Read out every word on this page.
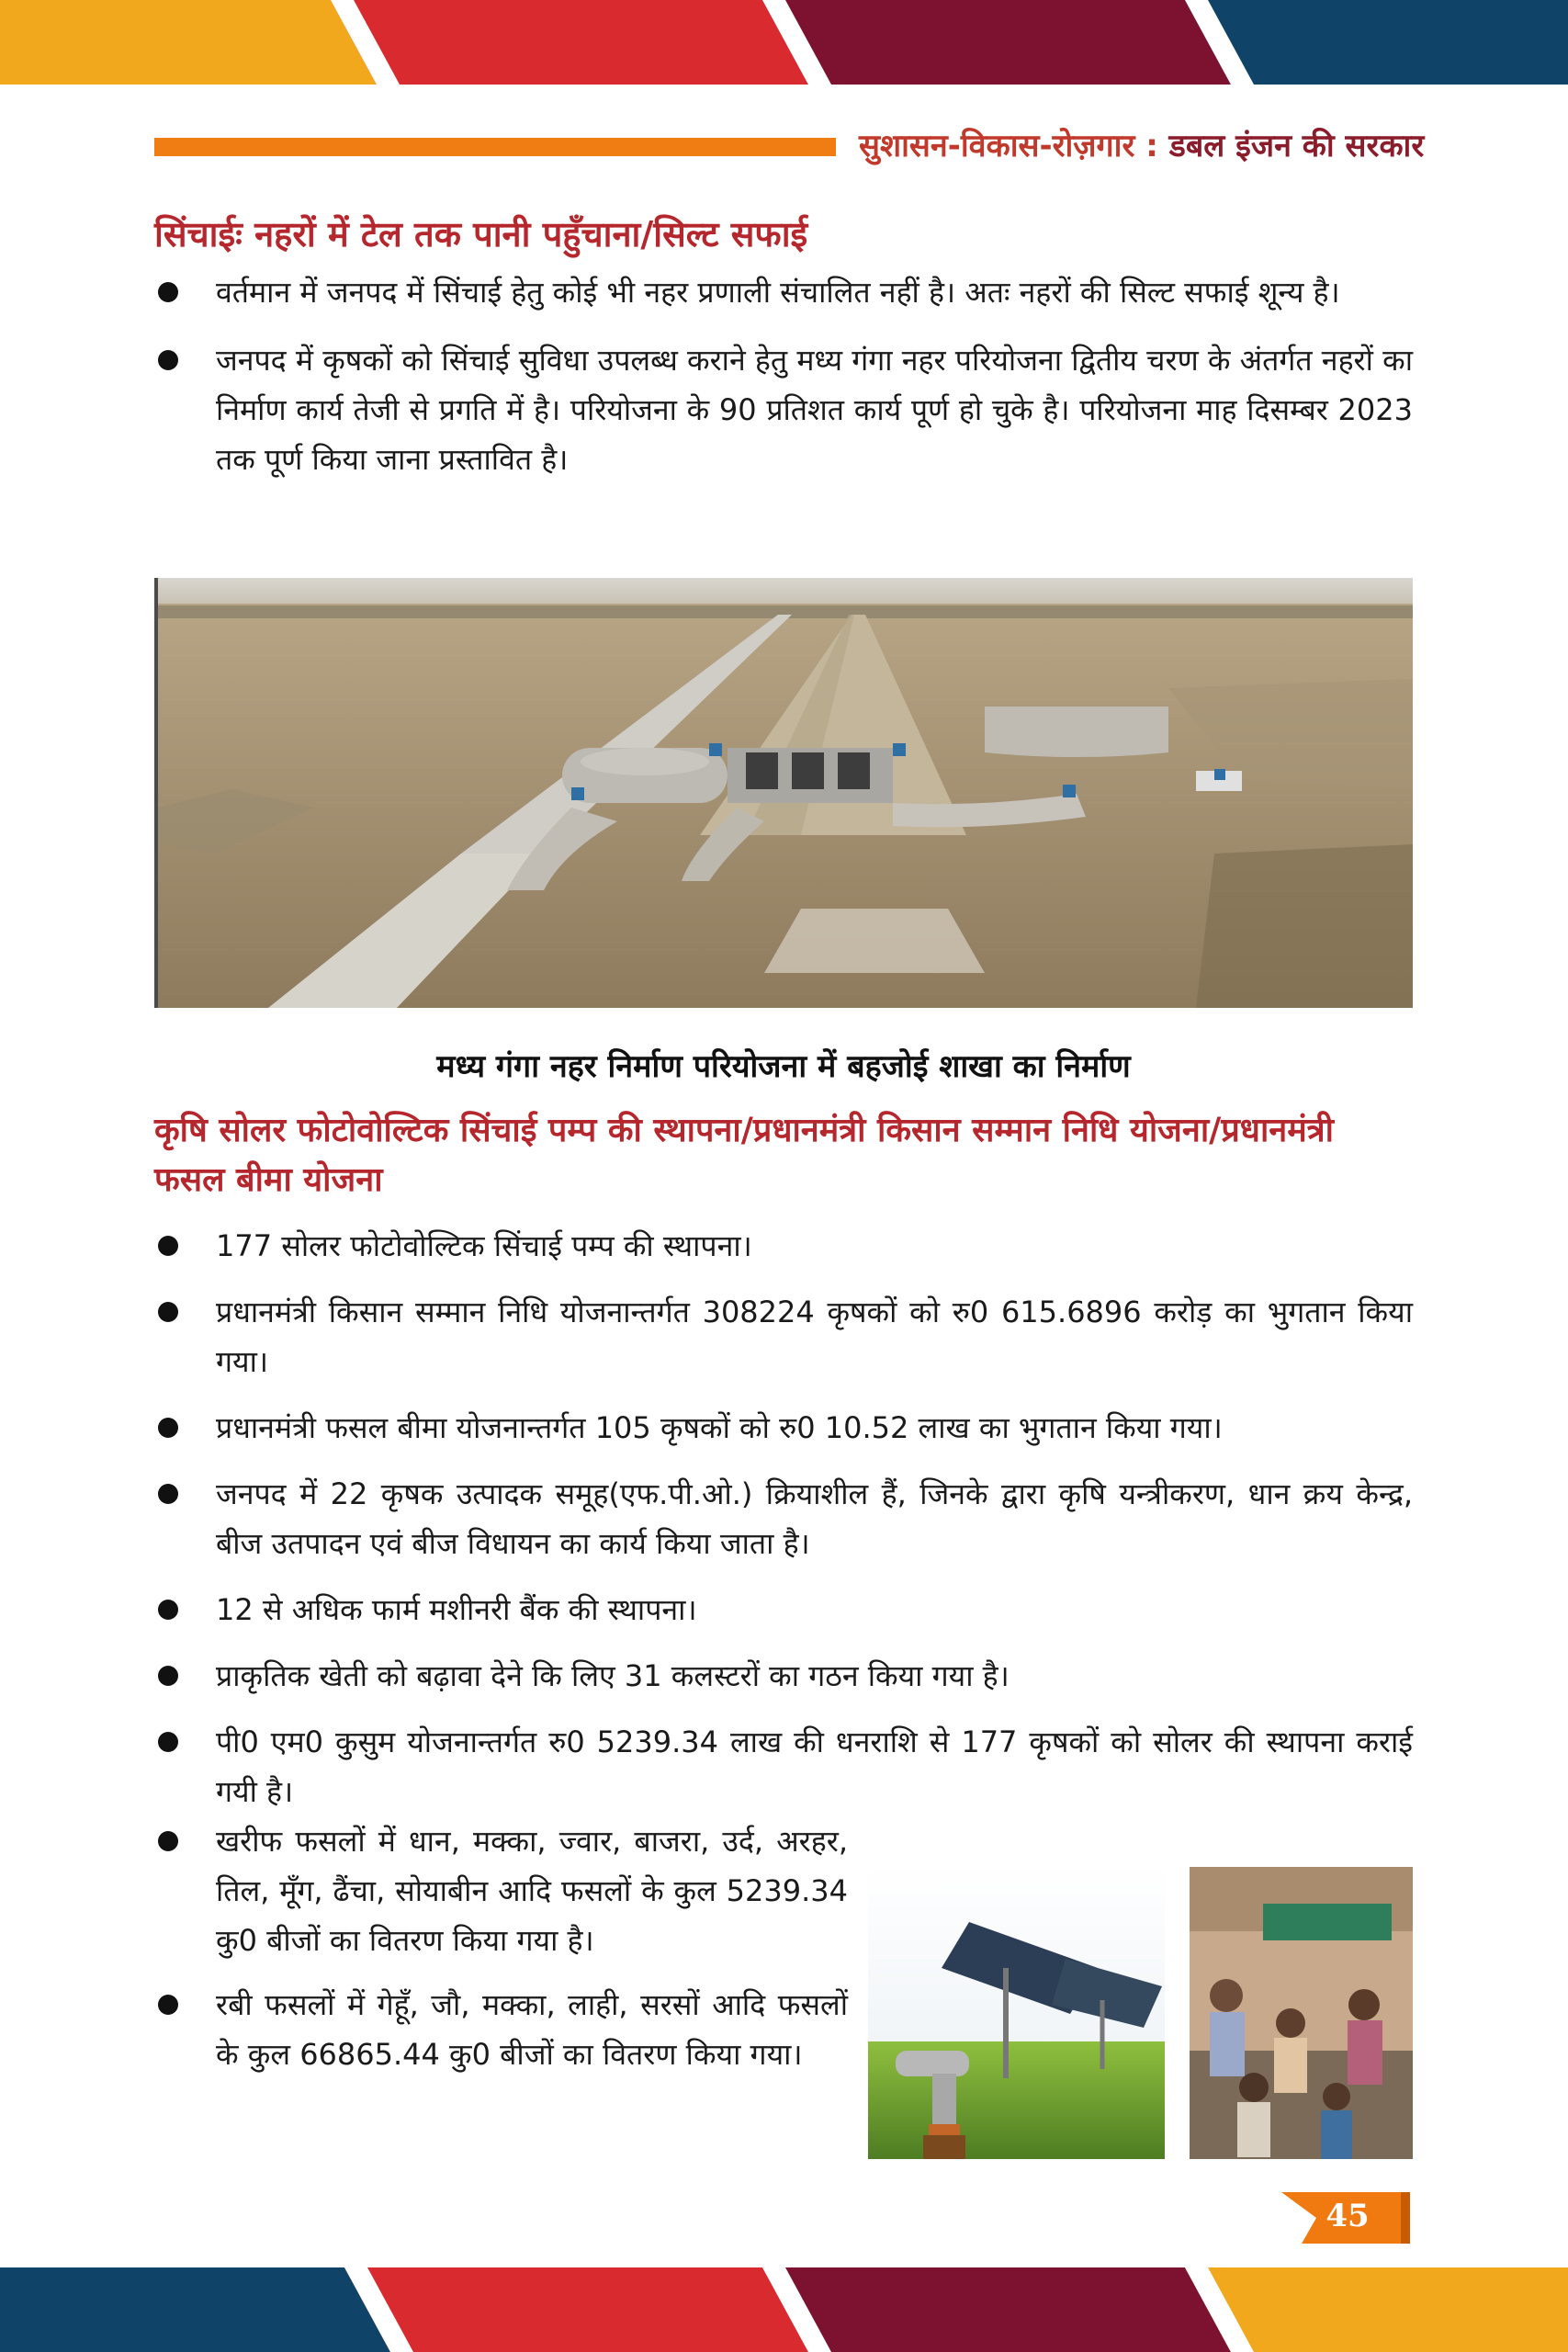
सुशासन-विकास-रोज़गार : डबल इंजन की सरकार
सिंचाईः नहरों में टेल तक पानी पहुँचाना/सिल्ट सफाई
वर्तमान में जनपद में सिंचाई हेतु कोई भी नहर प्रणाली संचालित नहीं है। अतः नहरों की सिल्ट सफाई शून्य है।
जनपद में कृषकों को सिंचाई सुविधा उपलब्ध कराने हेतु मध्य गंगा नहर परियोजना द्वितीय चरण के अंतर्गत नहरों का निर्माण कार्य तेजी से प्रगति में है। परियोजना के 90 प्रतिशत कार्य पूर्ण हो चुके है। परियोजना माह दिसम्बर 2023 तक पूर्ण किया जाना प्रस्तावित है।
मध्य गंगा नहर निर्माण परियोजना में बहजोई शाखा का निर्माण
कृषि सोलर फोटोवोल्टिक सिंचाई पम्प की स्थापना/प्रधानमंत्री किसान सम्मान निधि योजना/प्रधानमंत्री फसल बीमा योजना
177 सोलर फोटोवोल्टिक सिंचाई पम्प की स्थापना।
प्रधानमंत्री किसान सम्मान निधि योजनान्तर्गत 308224 कृषकों को रु0 615.6896 करोड़ का भुगतान किया गया।
प्रधानमंत्री फसल बीमा योजनान्तर्गत 105 कृषकों को रु0 10.52 लाख का भुगतान किया गया।
जनपद में 22 कृषक उत्पादक समूह(एफ.पी.ओ.) क्रियाशील हैं, जिनके द्वारा कृषि यन्त्रीकरण, धान क्रय केन्द्र, बीज उतपादन एवं बीज विधायन का कार्य किया जाता है।
12 से अधिक फार्म मशीनरी बैंक की स्थापना।
प्राकृतिक खेती को बढ़ावा देने कि लिए 31 कलस्टरों का गठन किया गया है।
पी0 एम0 कुसुम योजनान्तर्गत रु0 5239.34 लाख की धनराशि से 177 कृषकों को सोलर की स्थापना कराई गयी है।
खरीफ फसलों में धान, मक्का, ज्वार, बाजरा, उर्द, अरहर, तिल, मूँग, ढैंचा, सोयाबीन आदि फसलों के कुल 5239.34 कु0 बीजों का वितरण किया गया है।
रबी फसलों में गेहूँ, जौ, मक्का, लाही, सरसों आदि फसलों के कुल 66865.44 कु0 बीजों का वितरण किया गया।
45
